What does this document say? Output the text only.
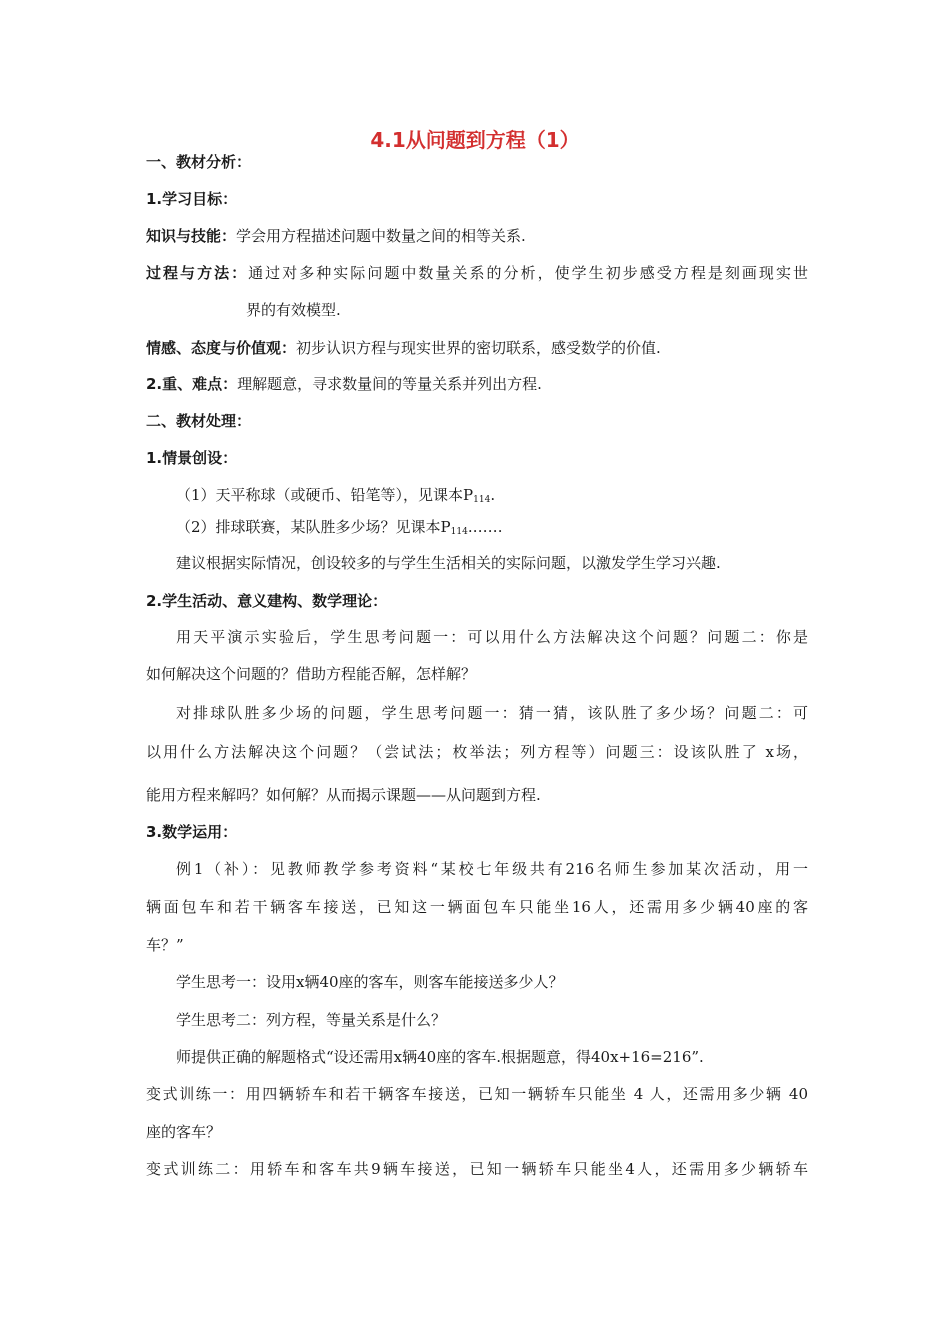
4.1从问题到方程（1）
一、教材分析：
1.学习目标：
知识与技能：学会用方程描述问题中数量之间的相等关系.
过程与方法：通过对多种实际问题中数量关系的分析，使学生初步感受方程是刻画现实世
界的有效模型.
情感、态度与价值观：初步认识方程与现实世界的密切联系，感受数学的价值.
2.重、难点：理解题意，寻求数量间的等量关系并列出方程.
二、教材处理：
1.情景创设：
（1）天平称球（或硬币、铅笔等），见课本$P_{114}$.
（2）排球联赛，某队胜多少场？见课本$P_{114}.\dots\dots$
建议根据实际情况，创设较多的与学生生活相关的实际问题，以激发学生学习兴趣.
2.学生活动、意义建构、数学理论：
用天平演示实验后，学生思考问题一：可以用什么方法解决这个问题？问题二：你是
如何解决这个问题的？借助方程能否解，怎样解？
对排球队胜多少场的问题，学生思考问题一：猜一猜，该队胜了多少场？问题二：可
以用什么方法解决这个问题？（尝试法；枚举法；列方程等）问题三：设该队胜了 x场，
能用方程来解吗？如何解？从而揭示课题——从问题到方程.
3.数学运用：
例1（补）：见教师教学参考资料“某校七年级共有216名师生参加某次活动，用一
辆面包车和若干辆客车接送，已知这一辆面包车只能坐16人，还需用多少辆40座的客
车？”
学生思考一：设用x辆40座的客车，则客车能接送多少人？
学生思考二：列方程，等量关系是什么？
师提供正确的解题格式“设还需用x辆40座的客车.根据题意，得40x+16=216”.
变式训练一：用四辆轿车和若干辆客车接送，已知一辆轿车只能坐 4 人，还需用多少辆 40
座的客车？
变式训练二：用轿车和客车共9辆车接送，已知一辆轿车只能坐4人，还需用多少辆轿车
